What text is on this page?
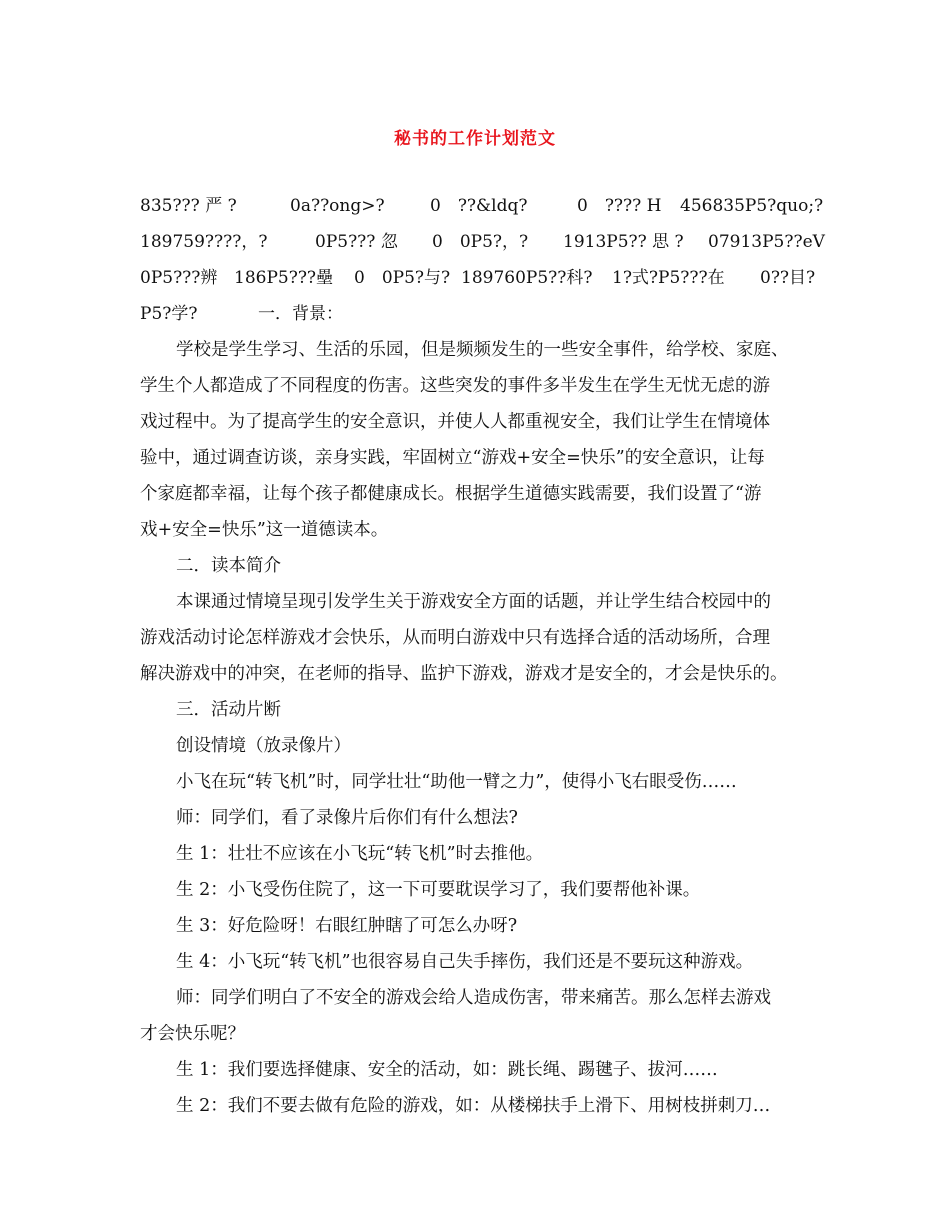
秘书的工作计划范文

835??? 严 ?

	0a??ong>?

	0　??&ldq?

	0　???? H

456835P5?quo;?

189759????，?

	0P5??? 忽

0　0P5?，?

1913P5?? 思 ?

07913P5??eV

0P5???辨

186P5???壘

0　0P5?与?

189760P5??科?

1?式?P5???在

0??目?

P5?学?

	一．背景：

学校是学生学习、生活的乐园，但是频频发生的一些安全事件，给学校、家庭、
学生个人都造成了不同程度的伤害。这些突发的事件多半发生在学生无忧无虑的游
戏过程中。为了提高学生的安全意识，并使人人都重视安全，我们让学生在情境体
验中，通过调查访谈，亲身实践，牢固树立“游戏+安全=快乐”的安全意识，让每
个家庭都幸福，让每个孩子都健康成长。根据学生道德实践需要，我们设置了“游
戏+安全=快乐”这一道德读本。
二．读本简介
本课通过情境呈现引发学生关于游戏安全方面的话题，并让学生结合校园中的
游戏活动讨论怎样游戏才会快乐，从而明白游戏中只有选择合适的活动场所，合理
解决游戏中的冲突，在老师的指导、监护下游戏，游戏才是安全的，才会是快乐的。
三．活动片断
创设情境（放录像片）
小飞在玩“转飞机”时，同学壮壮“助他一臂之力”，使得小飞右眼受伤……
师：同学们，看了录像片后你们有什么想法?
生 1：壮壮不应该在小飞玩“转飞机”时去推他。
生 2：小飞受伤住院了，这一下可要耽误学习了，我们要帮他补课。
生 3：好危险呀！右眼红肿瞎了可怎么办呀?
生 4：小飞玩“转飞机”也很容易自己失手摔伤，我们还是不要玩这种游戏。
师：同学们明白了不安全的游戏会给人造成伤害，带来痛苦。那么怎样去游戏
才会快乐呢？
生 1：我们要选择健康、安全的活动，如：跳长绳、踢毽子、拔河……
生 2：我们不要去做有危险的游戏，如：从楼梯扶手上滑下、用树枝拼刺刀…
